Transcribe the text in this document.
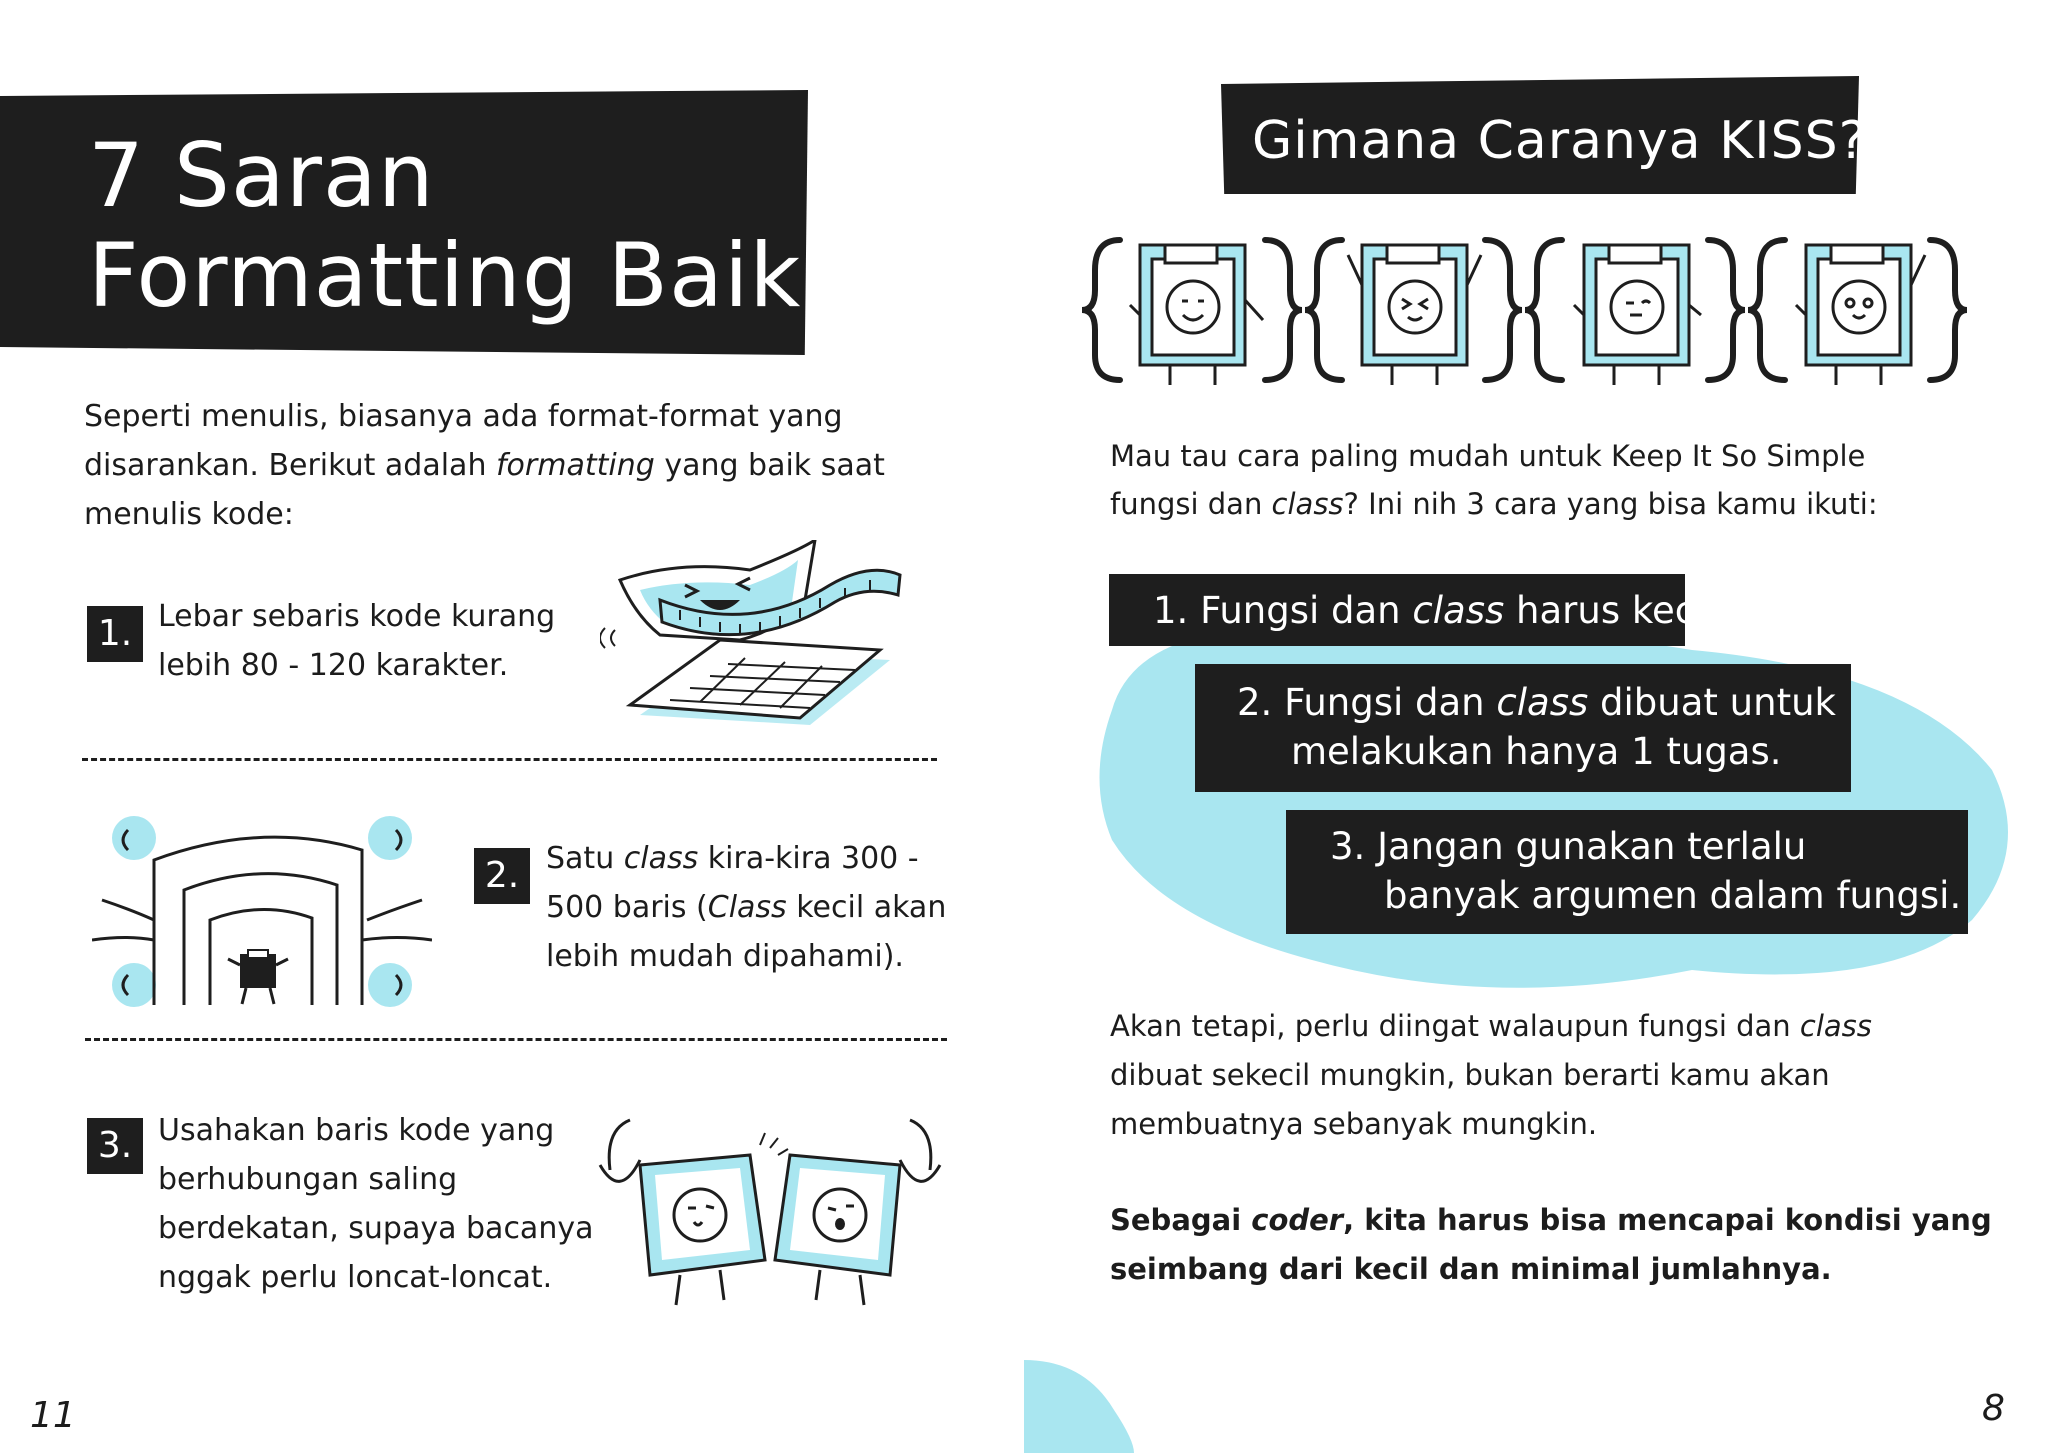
7 Saran
Formatting Baik
Seperti menulis, biasanya ada format-format yang
disarankan. Berikut adalah formatting yang baik saat
menulis kode:
1. Lebar sebaris kode kurang
lebih 80 - 120 karakter.
2. Satu class kira-kira 300 -
500 baris (Class kecil akan
lebih mudah dipahami).
3. Usahakan baris kode yang
berhubungan saling
berdekatan, supaya bacanya
nggak perlu loncat-loncat.
11
Gimana Caranya KISS?
Mau tau cara paling mudah untuk Keep It So Simple
fungsi dan class? Ini nih 3 cara yang bisa kamu ikuti:
1. Fungsi dan class harus kecil.
2. Fungsi dan class dibuat untuk
melakukan hanya 1 tugas.
3. Jangan gunakan terlalu
banyak argumen dalam fungsi.
Akan tetapi, perlu diingat walaupun fungsi dan class
dibuat sekecil mungkin, bukan berarti kamu akan
membuatnya sebanyak mungkin.
Sebagai coder, kita harus bisa mencapai kondisi yang
seimbang dari kecil dan minimal jumlahnya.
8
